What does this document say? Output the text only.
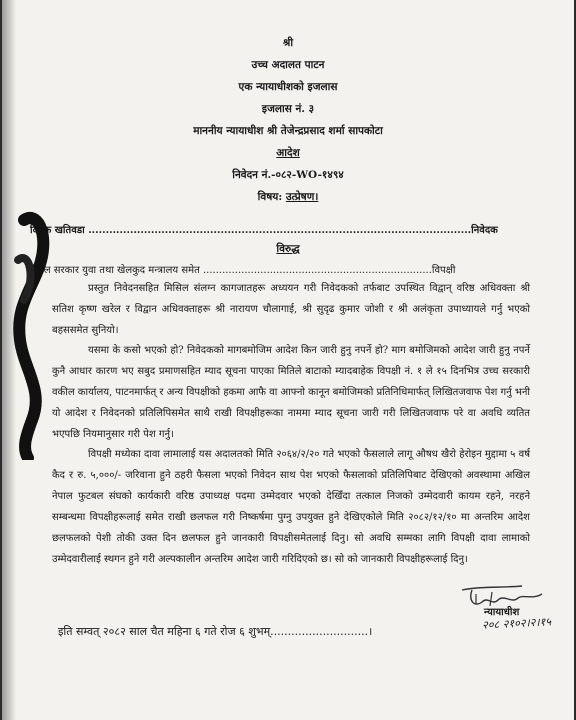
श्री
उच्च अदालत पाटन
एक न्यायाधीशको इजलास
इजलास नं. ३
माननीय न्यायाधीश श्री तेजेन्द्रप्रसाद शर्मा सापकोटा
आदेश
निवेदन नं.-०८२-WO-१४९४
विषय: उत्प्रेषण।
दिपक खतिवडा ..............................................................................................................निवेदक
विरुद्ध
नेपाल सरकार युवा तथा खेलकुद मन्त्रालय समेत ........................................................................विपक्षी
प्रस्तुत निवेदनसहित मिसिल संलग्न कागजातहरू अध्ययन गरी निवेदकको तर्फबाट उपस्थित विद्वान् वरिष्ठ अधिवक्ता श्री सतिश कृष्ण खरेल र विद्वान अधिवक्ताहरू श्री नारायण चौलागाई, श्री सुदृढ कुमार जोशी र श्री अलंकृता उपाध्यायले गर्नु भएको बहससमेत सुनियो।
यसमा के कसो भएको हो? निवेदकको मागबमोजिम आदेश किन जारी हुनु नपर्ने हो? माग बमोजिमको आदेश जारी हुनु नपर्ने कुनै आधार कारण भए सबुद प्रमाणसहित म्याद सूचना पाएका मितिले बाटाको म्यादबाहेक विपक्षी नं. १ ले १५ दिनभित्र उच्च सरकारी वकील कार्यालय, पाटनमार्फत् र अन्य विपक्षीको हकमा आफै वा आफ्नो कानून बमोजिमको प्रतिनिधिमार्फत् लिखितजवाफ पेश गर्नु भनी यो आदेश र निवेदनको प्रतिलिपिसमेत साथै राखी विपक्षीहरूका नाममा म्याद सूचना जारी गरी लिखितजवाफ परे वा अवधि व्यतित भएपछि नियमानुसार गरी पेश गर्नु।
विपक्षी मध्येका दावा लामालाई यस अदालतको मिति २०६४/२/२० गते भएको फैसलाले लागू औषध खैरो हेरोइन मुद्दामा ५ वर्ष कैद र रु. ५,०००/- जरिवाना हुने ठहरी फैसला भएको निवेदन साथ पेश भएको फैसलाको प्रतिलिपिबाट देखिएको अवस्थामा अखिल नेपाल फुटबल संघको कार्यकारी वरिष्ठ उपाध्यक्ष पदमा उम्मेदवार भएको देखिँदा तत्काल निजको उम्मेदवारी कायम रहने, नरहने सम्बन्धमा विपक्षीहरूलाई समेत राखी छलफल गरी निष्कर्षमा पुग्नु उपयुक्त हुने देखिएकोले मिति २०८२/१२/१० मा अन्तरिम आदेश छलफलको पेशी तोकी उक्त दिन छलफल हुने जानकारी विपक्षीसमेतलाई दिनु। सो अवधि सम्मका लागि विपक्षी दावा लामाको उम्मेदवारीलाई स्थगन हुने गरी अल्पकालीन अन्तरिम आदेश जारी गरिदिएको छ। सो को जानकारी विपक्षीहरूलाई दिनु।
न्यायाधीश
२०८ २१०२।२।१५
इति सम्वत् २०८२ साल चैत महिना ६ गते रोज ६ शुभम्............................।
